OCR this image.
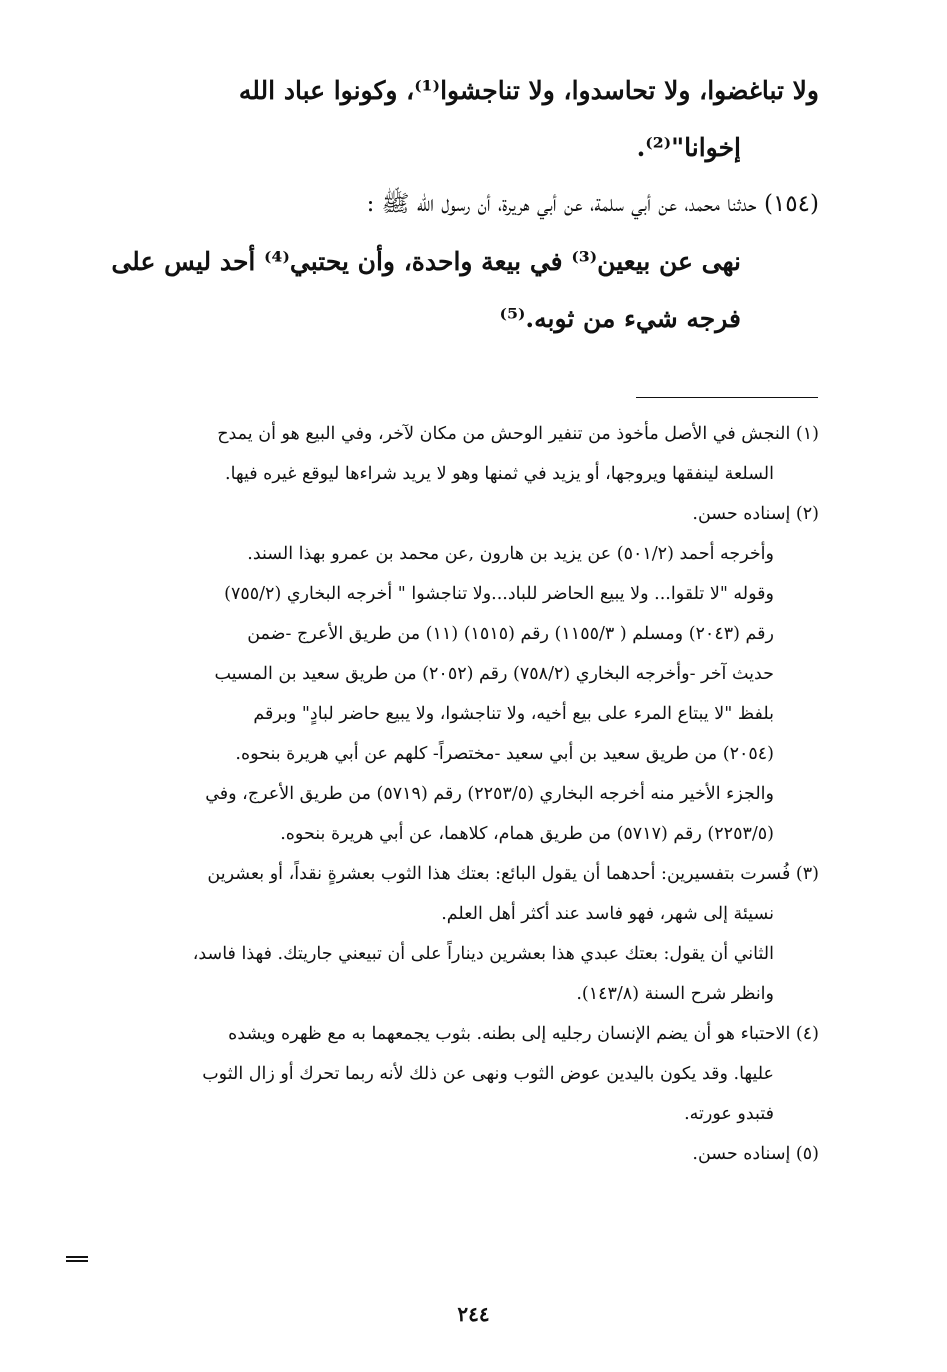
ولا تباغضوا، ولا تحاسدوا، ولا تناجشوا⁽¹⁾، وكونوا عباد الله
إخوانا"⁽²⁾.
(١٥٤) حدثنا محمد، عن أبي سلمة، عن أبي هريرة، أن رسول الله ﷺ :
نهى عن بيعين⁽³⁾ في بيعة واحدة، وأن يحتبي⁽⁴⁾ أحد ليس على
فرجه شيء من ثوبه.⁽⁵⁾
(١) النجش في الأصل مأخوذ من تنفير الوحش من مكان لآخر، وفي البيع هو أن يمدح
السلعة لينفقها ويروجها، أو يزيد في ثمنها وهو لا يريد شراءها ليوقع غيره فيها.
(٢) إسناده حسن.
وأخرجه أحمد (٥٠١/٢) عن يزيد بن هارون ,عن محمد بن عمرو بهذا السند.
وقوله "لا تلقوا... ولا يبيع الحاضر للباد...ولا تناجشوا " أخرجه البخاري (٧٥٥/٢)
رقم (٢٠٤٣) ومسلم ( ١١٥٥/٣) رقم (١٥١٥) (١١) من طريق الأعرج -ضمن
حديث آخر -وأخرجه البخاري (٧٥٨/٢) رقم (٢٠٥٢) من طريق سعيد بن المسيب
بلفظ "لا يبتاع المرء على بيع أخيه، ولا تناجشوا، ولا يبيع حاضر لبادٍ" وبرقم
(٢٠٥٤) من طريق سعيد بن أبي سعيد -مختصراً- كلهم عن أبي هريرة بنحوه.
والجزء الأخير منه أخرجه البخاري (٢٢٥٣/٥) رقم (٥٧١٩) من طريق الأعرج، وفي
(٢٢٥٣/٥) رقم (٥٧١٧) من طريق همام، كلاهما، عن أبي هريرة بنحوه.
(٣) فُسرت بتفسيرين: أحدهما أن يقول البائع: بعتك هذا الثوب بعشرةٍ نقداً، أو بعشرين
نسيئة إلى شهر، فهو فاسد عند أكثر أهل العلم.
الثاني أن يقول: بعتك عبدي هذا بعشرين ديناراً على أن تبيعني جاريتك. فهذا فاسد،
وانظر شرح السنة (١٤٣/٨).
(٤) الاحتباء هو أن يضم الإنسان رجليه إلى بطنه. بثوب يجمعهما به مع ظهره ويشده
عليها. وقد يكون باليدين عوض الثوب ونهى عن ذلك لأنه ربما تحرك أو زال الثوب
فتبدو عورته.
(٥) إسناده حسن.
٢٤٤
